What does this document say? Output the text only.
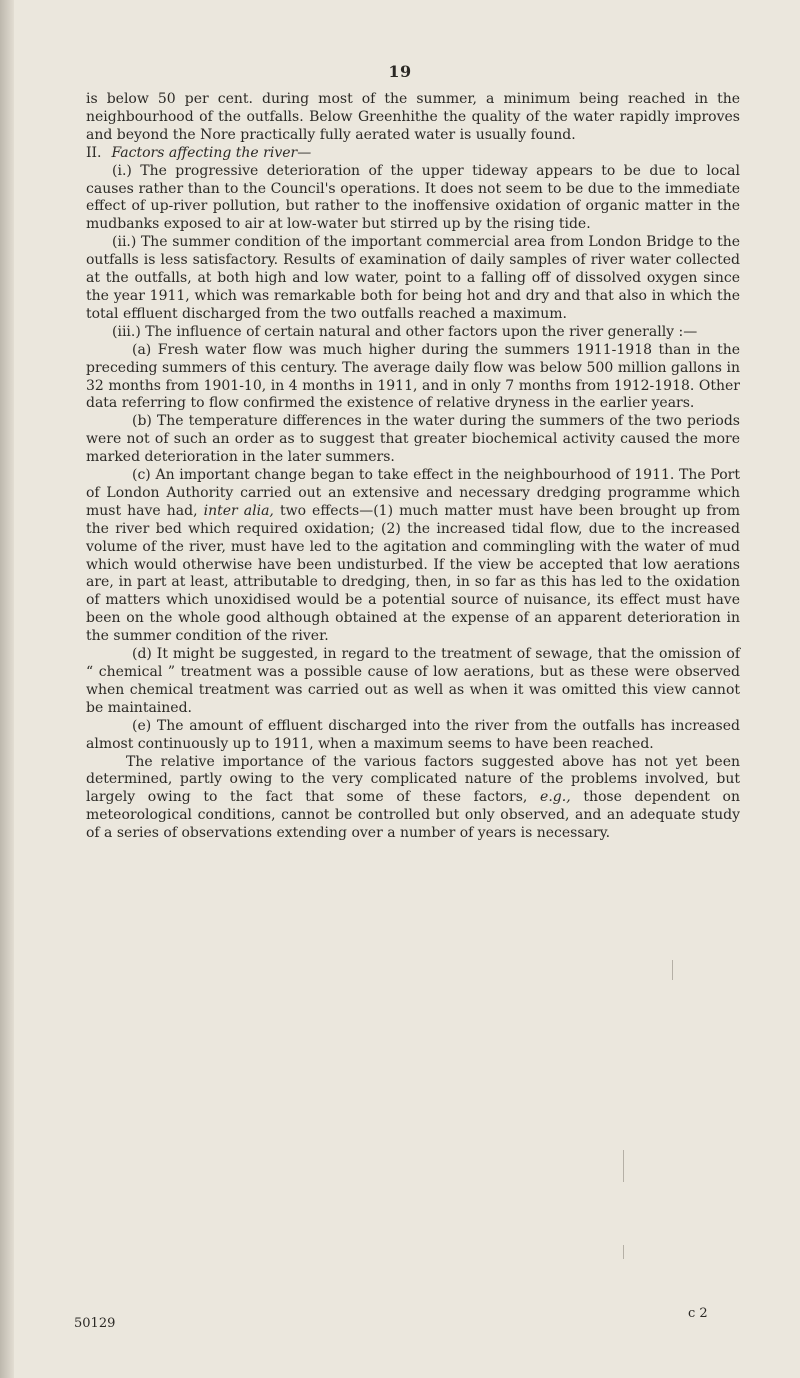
19

is below 50 per cent. during most of the summer, a minimum being reached in the neighbourhood of the outfalls. Below Greenhithe the quality of the water rapidly improves and beyond the Nore practically fully aerated water is usually found.

II. Factors affecting the river—

(i.) The progressive deterioration of the upper tideway appears to be due to local causes rather than to the Council's operations. It does not seem to be due to the immediate effect of up-river pollution, but rather to the inoffensive oxidation of organic matter in the mudbanks exposed to air at low-water but stirred up by the rising tide.

(ii.) The summer condition of the important commercial area from London Bridge to the outfalls is less satisfactory. Results of examination of daily samples of river water collected at the outfalls, at both high and low water, point to a falling off of dissolved oxygen since the year 1911, which was remarkable both for being hot and dry and that also in which the total effluent discharged from the two outfalls reached a maximum.

(iii.) The influence of certain natural and other factors upon the river generally :—

(a) Fresh water flow was much higher during the summers 1911-1918 than in the preceding summers of this century. The average daily flow was below 500 million gallons in 32 months from 1901-10, in 4 months in 1911, and in only 7 months from 1912-1918. Other data referring to flow confirmed the existence of relative dryness in the earlier years.

(b) The temperature differences in the water during the summers of the two periods were not of such an order as to suggest that greater biochemical activity caused the more marked deterioration in the later summers.

(c) An important change began to take effect in the neighbourhood of 1911. The Port of London Authority carried out an extensive and necessary dredging programme which must have had, inter alia, two effects—(1) much matter must have been brought up from the river bed which required oxidation; (2) the increased tidal flow, due to the increased volume of the river, must have led to the agitation and commingling with the water of mud which would otherwise have been undisturbed. If the view be accepted that low aerations are, in part at least, attributable to dredging, then, in so far as this has led to the oxidation of matters which unoxidised would be a potential source of nuisance, its effect must have been on the whole good although obtained at the expense of an apparent deterioration in the summer condition of the river.

(d) It might be suggested, in regard to the treatment of sewage, that the omission of “ chemical ” treatment was a possible cause of low aerations, but as these were observed when chemical treatment was carried out as well as when it was omitted this view cannot be maintained.

(e) The amount of effluent discharged into the river from the outfalls has increased almost continuously up to 1911, when a maximum seems to have been reached.

The relative importance of the various factors suggested above has not yet been determined, partly owing to the very complicated nature of the problems involved, but largely owing to the fact that some of these factors, e.g., those dependent on meteorological conditions, cannot be controlled but only observed, and an adequate study of a series of observations extending over a number of years is necessary.

50129
c 2
